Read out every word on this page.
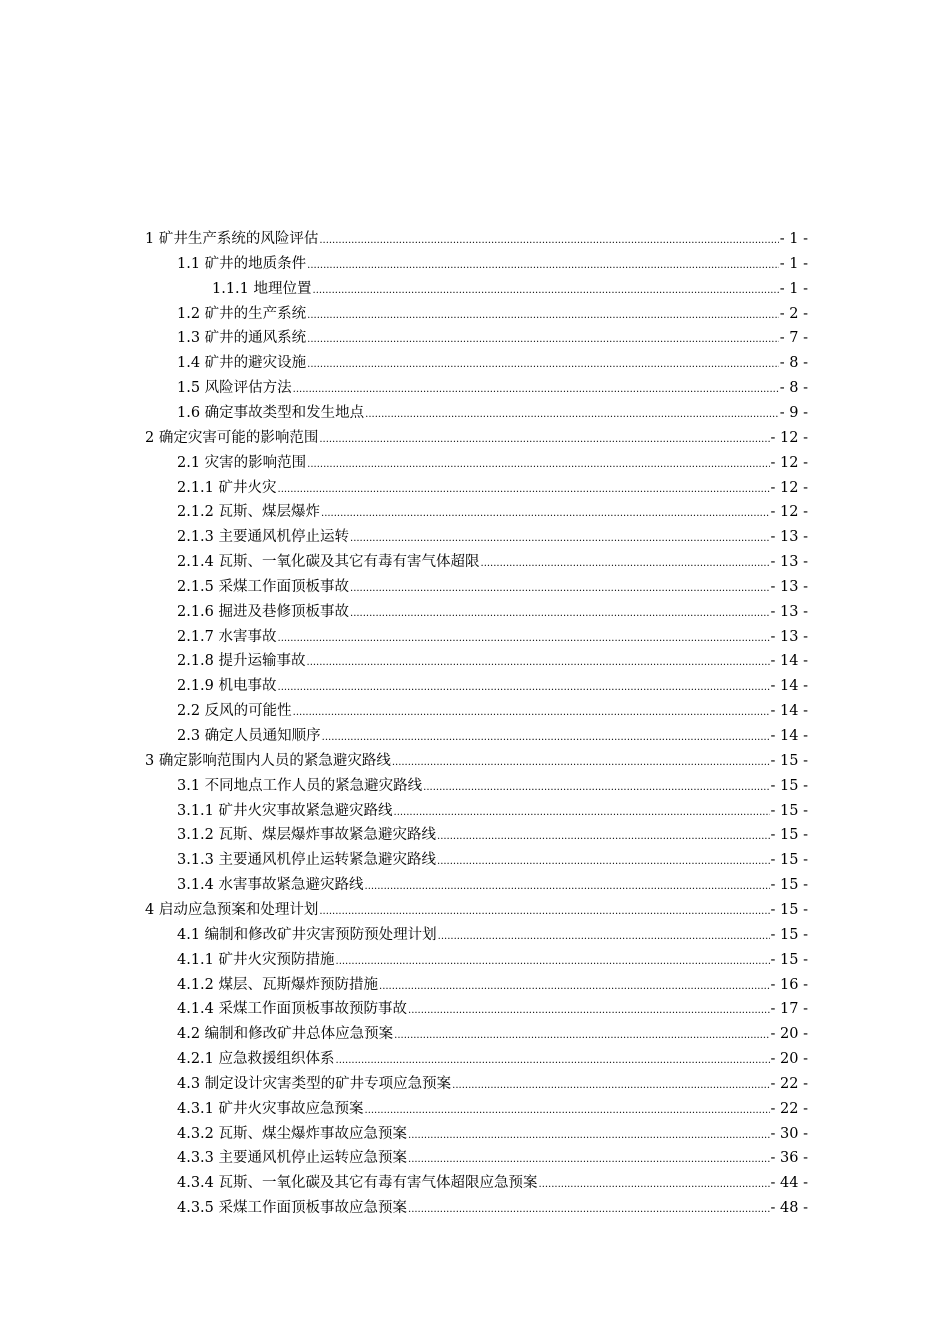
1 矿井生产系统的风险评估 .....	- 1 -
1.1 矿井的地质条件 .....	- 1 -
1.1.1 地理位置 .....	- 1 -
1.2 矿井的生产系统 .....	- 2 -
1.3 矿井的通风系统 .....	- 7 -
1.4 矿井的避灾设施 .....	- 8 -
1.5 风险评估方法 .....	- 8 -
1.6 确定事故类型和发生地点 .....	- 9 -
2 确定灾害可能的影响范围 .....	- 12 -
2.1 灾害的影响范围 .....	- 12 -
2.1.1 矿井火灾 .....	- 12 -
2.1.2 瓦斯、煤层爆炸 .....	- 12 -
2.1.3 主要通风机停止运转 .....	- 13 -
2.1.4 瓦斯、一氧化碳及其它有毒有害气体超限 .....	- 13 -
2.1.5 采煤工作面顶板事故 .....	- 13 -
2.1.6 掘进及巷修顶板事故 .....	- 13 -
2.1.7 水害事故 .....	- 13 -
2.1.8 提升运输事故 .....	- 14 -
2.1.9 机电事故 .....	- 14 -
2.2 反风的可能性 .....	- 14 -
2.3 确定人员通知顺序 .....	- 14 -
3 确定影响范围内人员的紧急避灾路线 .....	- 15 -
3.1 不同地点工作人员的紧急避灾路线 .....	- 15 -
3.1.1 矿井火灾事故紧急避灾路线 .....	- 15 -
3.1.2 瓦斯、煤层爆炸事故紧急避灾路线 .....	- 15 -
3.1.3 主要通风机停止运转紧急避灾路线 .....	- 15 -
3.1.4 水害事故紧急避灾路线 .....	- 15 -
4 启动应急预案和处理计划 .....	- 15 -
4.1 编制和修改矿井灾害预防预处理计划 .....	- 15 -
4.1.1 矿井火灾预防措施 .....	- 15 -
4.1.2 煤层、瓦斯爆炸预防措施 .....	- 16 -
4.1.4 采煤工作面顶板事故预防事故 .....	- 17 -
4.2 编制和修改矿井总体应急预案 .....	- 20 -
4.2.1 应急救援组织体系 .....	- 20 -
4.3 制定设计灾害类型的矿井专项应急预案 .....	- 22 -
4.3.1 矿井火灾事故应急预案 .....	- 22 -
4.3.2 瓦斯、煤尘爆炸事故应急预案 .....	- 30 -
4.3.3 主要通风机停止运转应急预案 .....	- 36 -
4.3.4 瓦斯、一氧化碳及其它有毒有害气体超限应急预案 .....	- 44 -
4.3.5 采煤工作面顶板事故应急预案 .....	- 48 -
